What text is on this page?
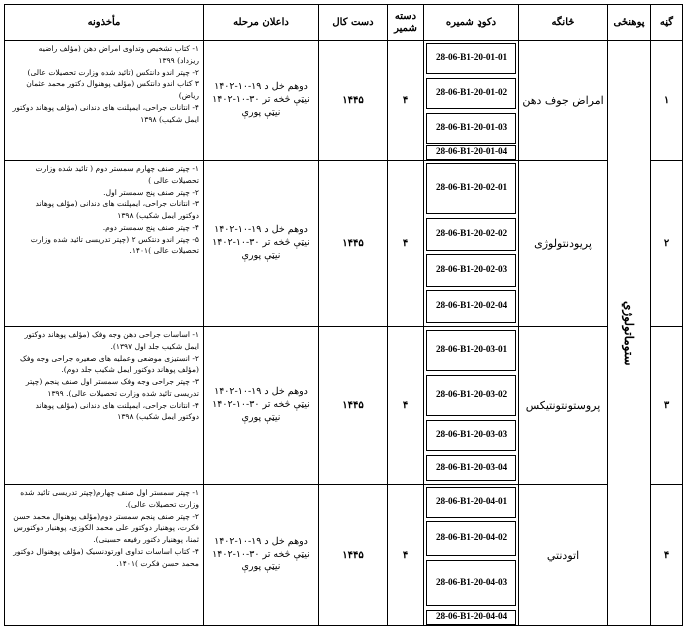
گڼه
پوهنځی
څانگه
دکوډ شمیره
دسته شمیر
دست کال
داعلان مرحله
مأخذونه
ستوماتولوژي
۱
امراض جوف دهن
۴
۱۴۴۵
دوهم خل د ۱۹-۱۰-۱۴۰۲
نیټې څخه تر ۳۰-۱۰-۱۴۰۲
نیټې پورې
۱- کتاب تشخیص وتداوی امراض دهن (مؤلف راضیه
ریزداد) ۱۳۹۹
۲- چپتر اندو دانتکس (تائید شده وزارت تحصیلات عالی)
۳ کتاب اندو دانتکس (مؤلف پوهنوال دکتور محمد عثمان
ریاض)
۴- انتانات جراحی، ایمپلنت های دندانی (مؤلف پوهاند دوکتور
ایمل شکیب) ۱۳۹۸
28-06-B1-20-01-01
28-06-B1-20-01-02
28-06-B1-20-01-03
28-06-B1-20-01-04
۲
پریودنتولوژی
۴
۱۴۴۵
دوهم خل د ۱۹-۱۰-۱۴۰۲
نیټې څخه تر ۳۰-۱۰-۱۴۰۲
نیټې پورې
۱- چپتر صنف چهارم سمستر دوم ( تائید شده وزارت
تحصیلات عالی )
۲- چپتر صنف پنج سمستر اول.
۳- انتانات جراحی، ایمپلنت های دندانی (مؤلف پوهاند
دوکتور ایمل شکیب) ۱۳۹۸
۴- چپتر صنف پنج سمستر دوم.
۵- چپتر اندو دنتکس ۲ (چپتر تدریسی تائید شده وزارت
تحصیلات عالی )۱۴۰۱.
28-06-B1-20-02-01
28-06-B1-20-02-02
28-06-B1-20-02-03
28-06-B1-20-02-04
۳
پروستونتونتیکس
۴
۱۴۴۵
دوهم خل د ۱۹-۱۰-۱۴۰۲
نیټې څخه تر ۳۰-۱۰-۱۴۰۲
نیټې پورې
۱- اساسات جراحی دهن وجه وفک (مؤلف پوهاند دوکتور
ایمل شکیب جلد اول ۱۳۹۷).
۲- انستیزی موضعی وعملیه های صغیره جراحی وجه وفک
(مؤلف پوهاند دوکتور ایمل شکیب جلد دوم).
۳- چپتر جراحی وجه وفک سمستر اول صنف پنجم (چپتر
تدریسی تائید شده وزارت تحصیلات عالی). ۱۳۹۹
۴- انتانات جراحی، ایمپلنت های دندانی (مؤلف پوهاند
دوکتور ایمل شکیب) ۱۳۹۸
28-06-B1-20-03-01
28-06-B1-20-03-02
28-06-B1-20-03-03
28-06-B1-20-03-04
۴
اتودنتي
۴
۱۴۴۵
دوهم خل د ۱۹-۱۰-۱۴۰۲
نیټې څخه تر ۳۰-۱۰-۱۴۰۲
نیټې پورې
۱- چپتر سمستر اول صنف چهارم(چپتر تدریسی تائید شده
وزارت تحصیلات عالی).
۲- چپتر صنف پنجم سمستر دوم(مؤلف پوهنوال محمد حسن
فکرت، پوهنیار دوکتور علی محمد الکوزی، پوهنیار دوکتورس
ثمنا، پوهنیار دکتور رفیعه حسینی).
۴- کتاب اساسات تداوی اورتودنسیک (مؤلف پوهنوال دوکتور
محمد حسن فکرت )۱۴۰۱.
28-06-B1-20-04-01
28-06-B1-20-04-02
28-06-B1-20-04-03
28-06-B1-20-04-04
